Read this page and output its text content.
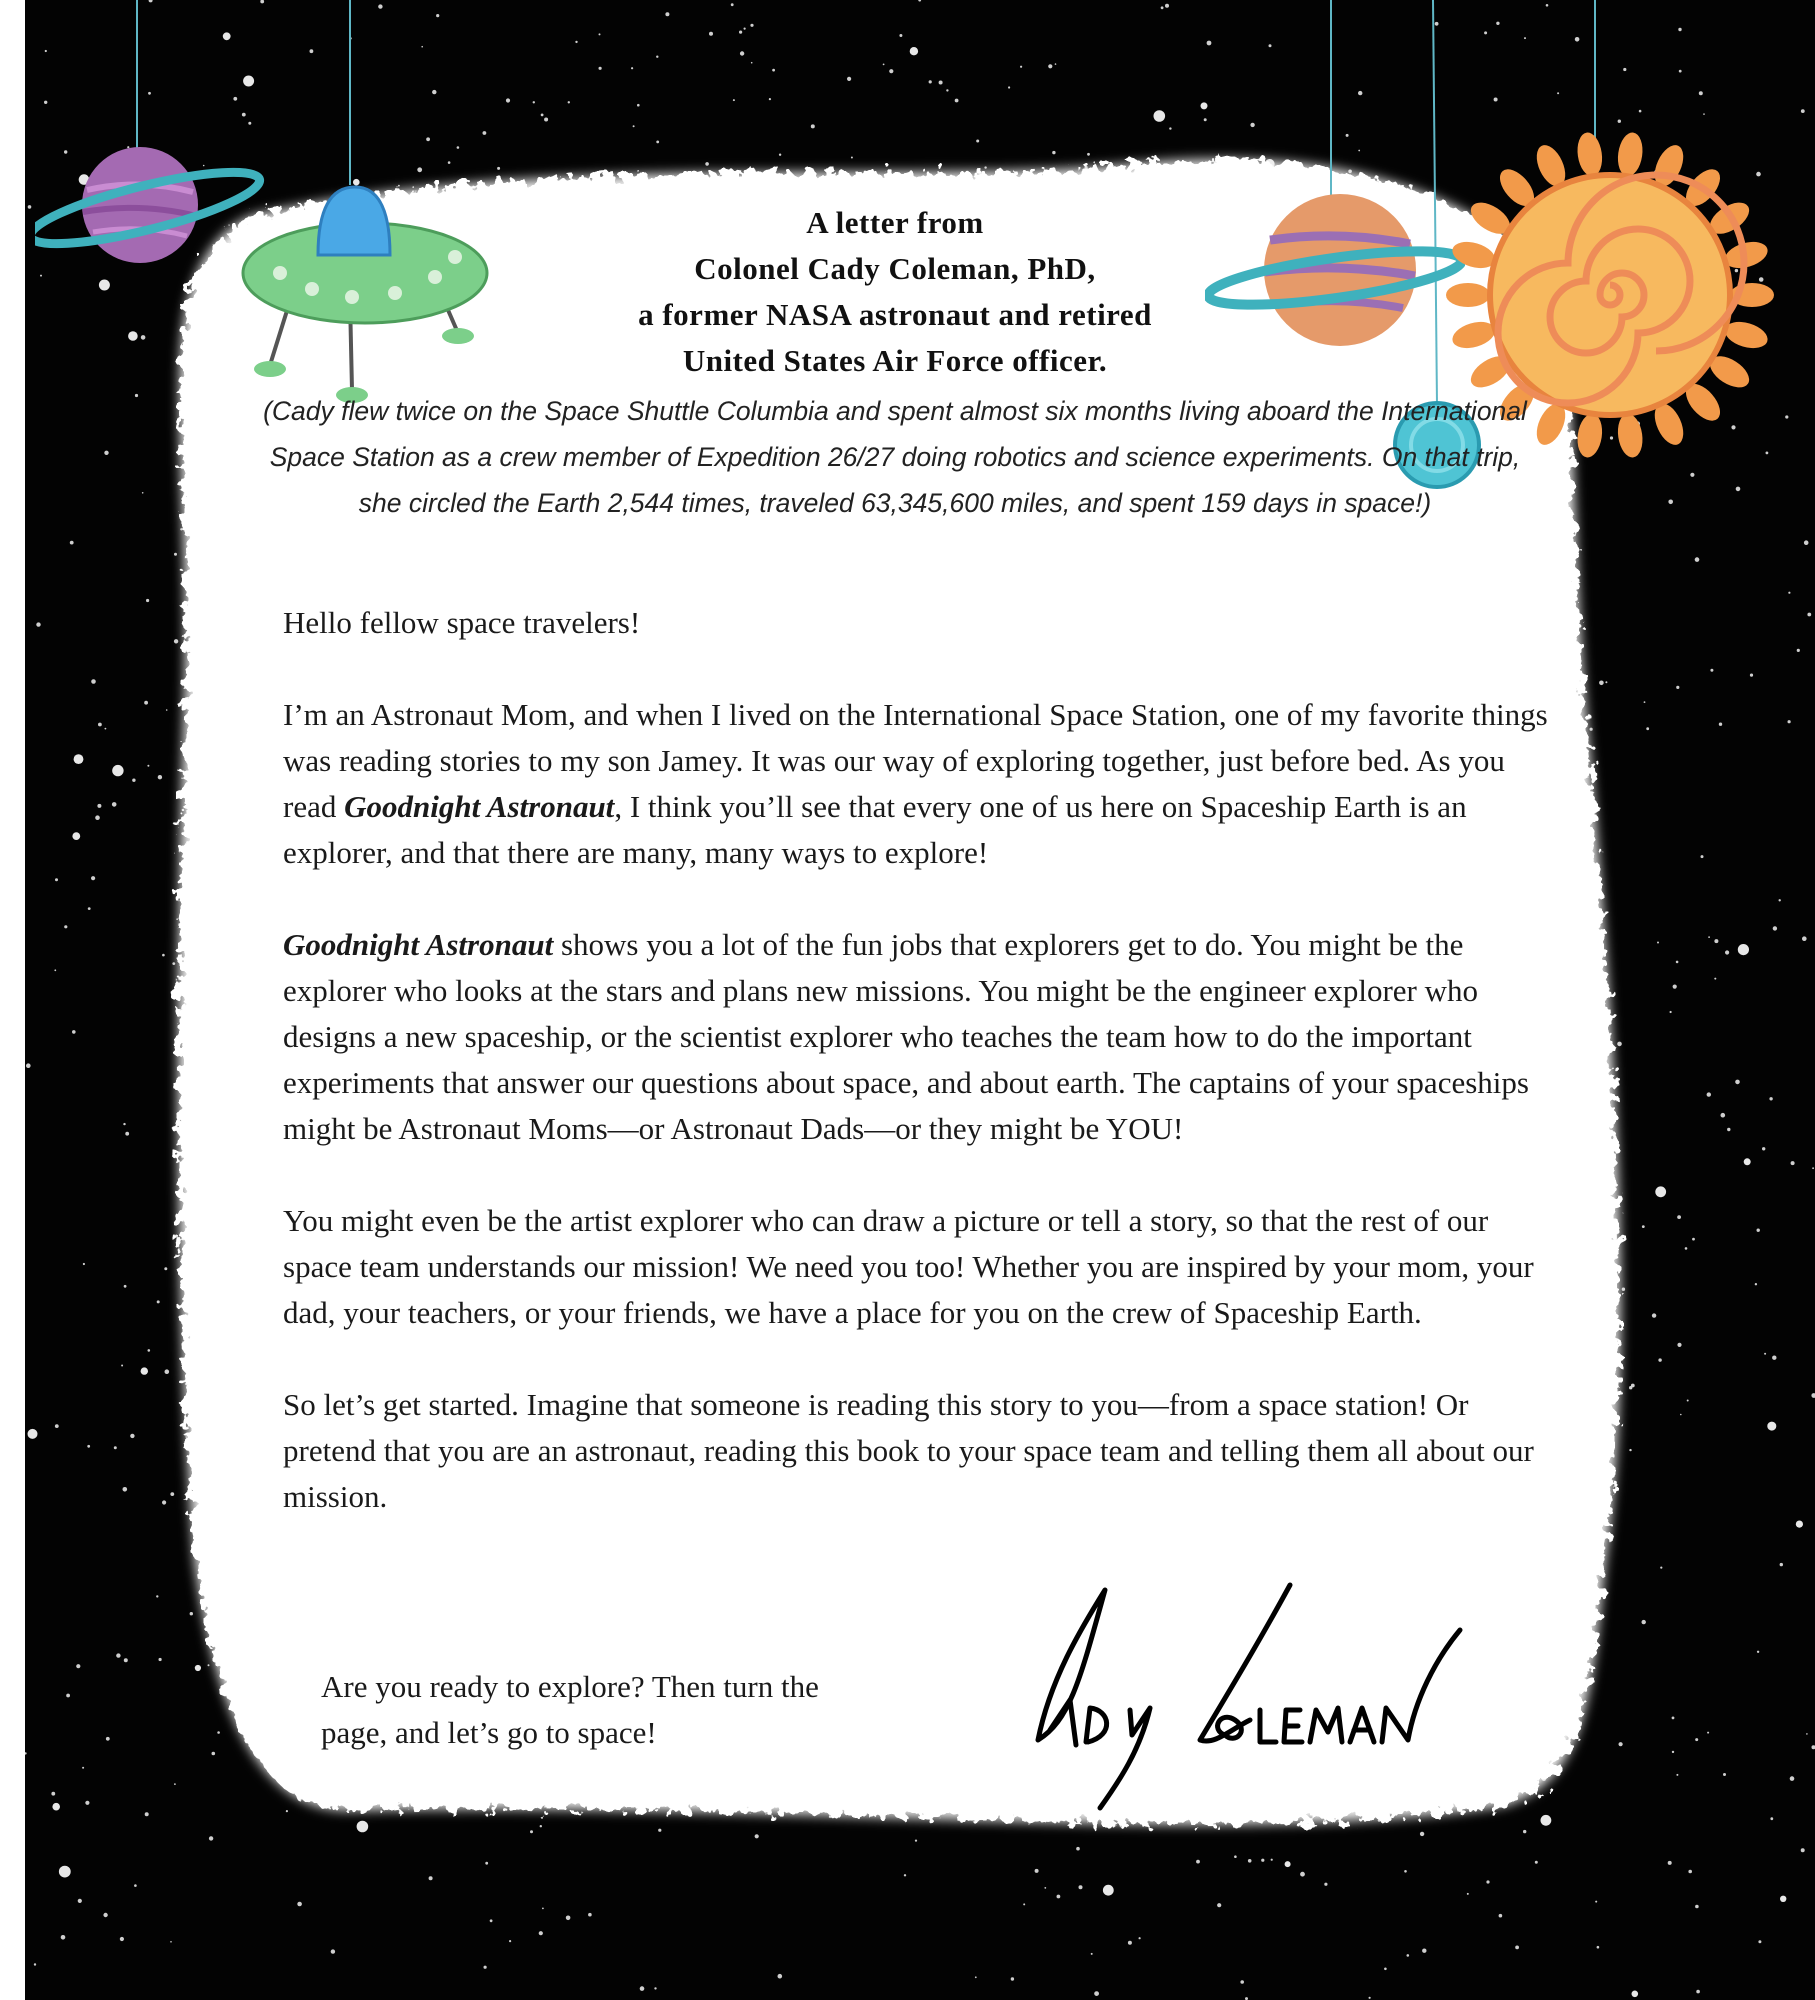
A letter from
Colonel Cady Coleman, PhD,
a former NASA astronaut and retired
United States Air Force officer.
(Cady flew twice on the Space Shuttle Columbia and spent almost six months living aboard the International Space Station as a crew member of Expedition 26/27 doing robotics and science experiments. On that trip, she circled the Earth 2,544 times, traveled 63,345,600 miles, and spent 159 days in space!)

Hello fellow space travelers!

I’m an Astronaut Mom, and when I lived on the International Space Station, one of my favorite things was reading stories to my son Jamey. It was our way of exploring together, just before bed. As you read Goodnight Astronaut, I think you’ll see that every one of us here on Spaceship Earth is an explorer, and that there are many, many ways to explore!

Goodnight Astronaut shows you a lot of the fun jobs that explorers get to do. You might be the explorer who looks at the stars and plans new missions. You might be the engineer explorer who designs a new spaceship, or the scientist explorer who teaches the team how to do the important experiments that answer our questions about space, and about earth. The captains of your spaceships might be Astronaut Moms—or Astronaut Dads—or they might be YOU!

You might even be the artist explorer who can draw a picture or tell a story, so that the rest of our space team understands our mission! We need you too! Whether you are inspired by your mom, your dad, your teachers, or your friends, we have a place for you on the crew of Spaceship Earth.

So let’s get started. Imagine that someone is reading this story to you—from a space station! Or pretend that you are an astronaut, reading this book to your space team and telling them all about our mission.

Are you ready to explore? Then turn the page, and let’s go to space!
